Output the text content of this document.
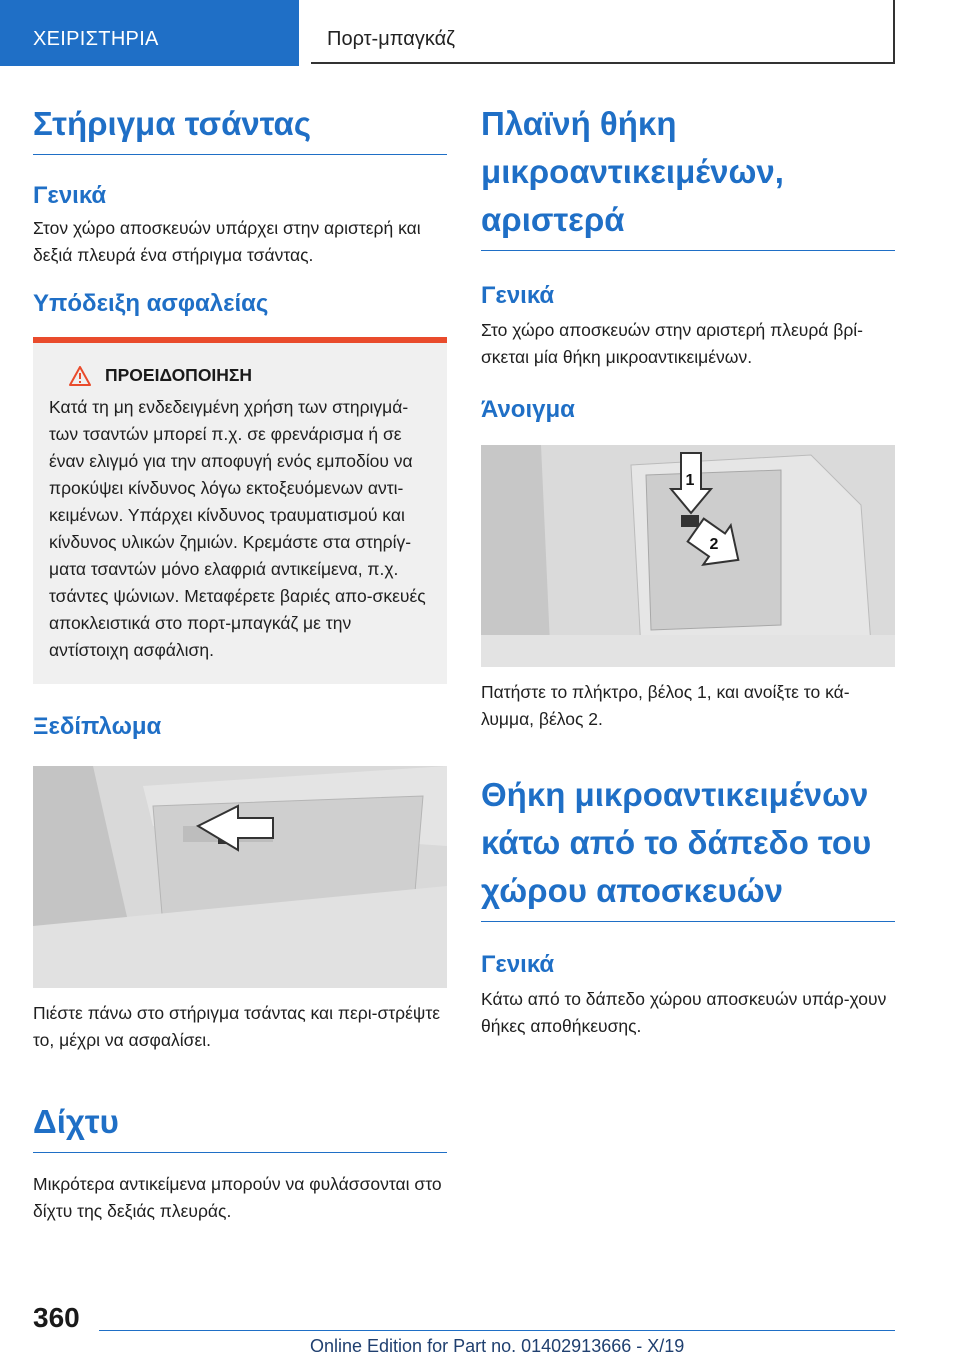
ΧΕΙΡΙΣΤΗΡΙΑ	Πορτ-μπαγκάζ
Στήριγμα τσάντας
Γενικά

Στον χώρο αποσκευών υπάρχει στην αριστερή και δεξιά πλευρά ένα στήριγμα τσάντας.

Υπόδειξη ασφαλείας
ΠΡΟΕΙΔΟΠΟΙΗΣΗ

Κατά τη μη ενδεδειγμένη χρήση των στηριγμά-των τσαντών μπορεί π.χ. σε φρενάρισμα ή σε έναν ελιγμό για την αποφυγή ενός εμποδίου να προκύψει κίνδυνος λόγω εκτοξευόμενων αντι-κειμένων. Υπάρχει κίνδυνος τραυματισμού και κίνδυνος υλικών ζημιών. Κρεμάστε στα στηρίγ-ματα τσαντών μόνο ελαφριά αντικείμενα, π.χ. τσάντες ψώνιων. Μεταφέρετε βαριές απο-σκευές αποκλειστικά στο πορτ-μπαγκάζ με την αντίστοιχη ασφάλιση.

Ξεδίπλωμα

Πιέστε πάνω στο στήριγμα τσάντας και περι-στρέψτε το, μέχρι να ασφαλίσει.

Δίχτυ

Μικρότερα αντικείμενα μπορούν να φυλάσσονται στο δίχτυ της δεξιάς πλευράς.

Πλαϊνή θήκη μικροαντικειμένων, αριστερά
Γενικά

Στο χώρο αποσκευών στην αριστερή πλευρά βρί-σκεται μία θήκη μικροαντικειμένων.

Άνοιγμα
1
2

Πατήστε το πλήκτρο, βέλος 1, και ανοίξτε το κά-λυμμα, βέλος 2.

Θήκη μικροαντικειμένων κάτω από το δάπεδο του χώρου αποσκευών
Γενικά

Κάτω από το δάπεδο χώρου αποσκευών υπάρ-χουν θήκες αποθήκευσης.

360
Online Edition for Part no. 01402913666 - X/19
